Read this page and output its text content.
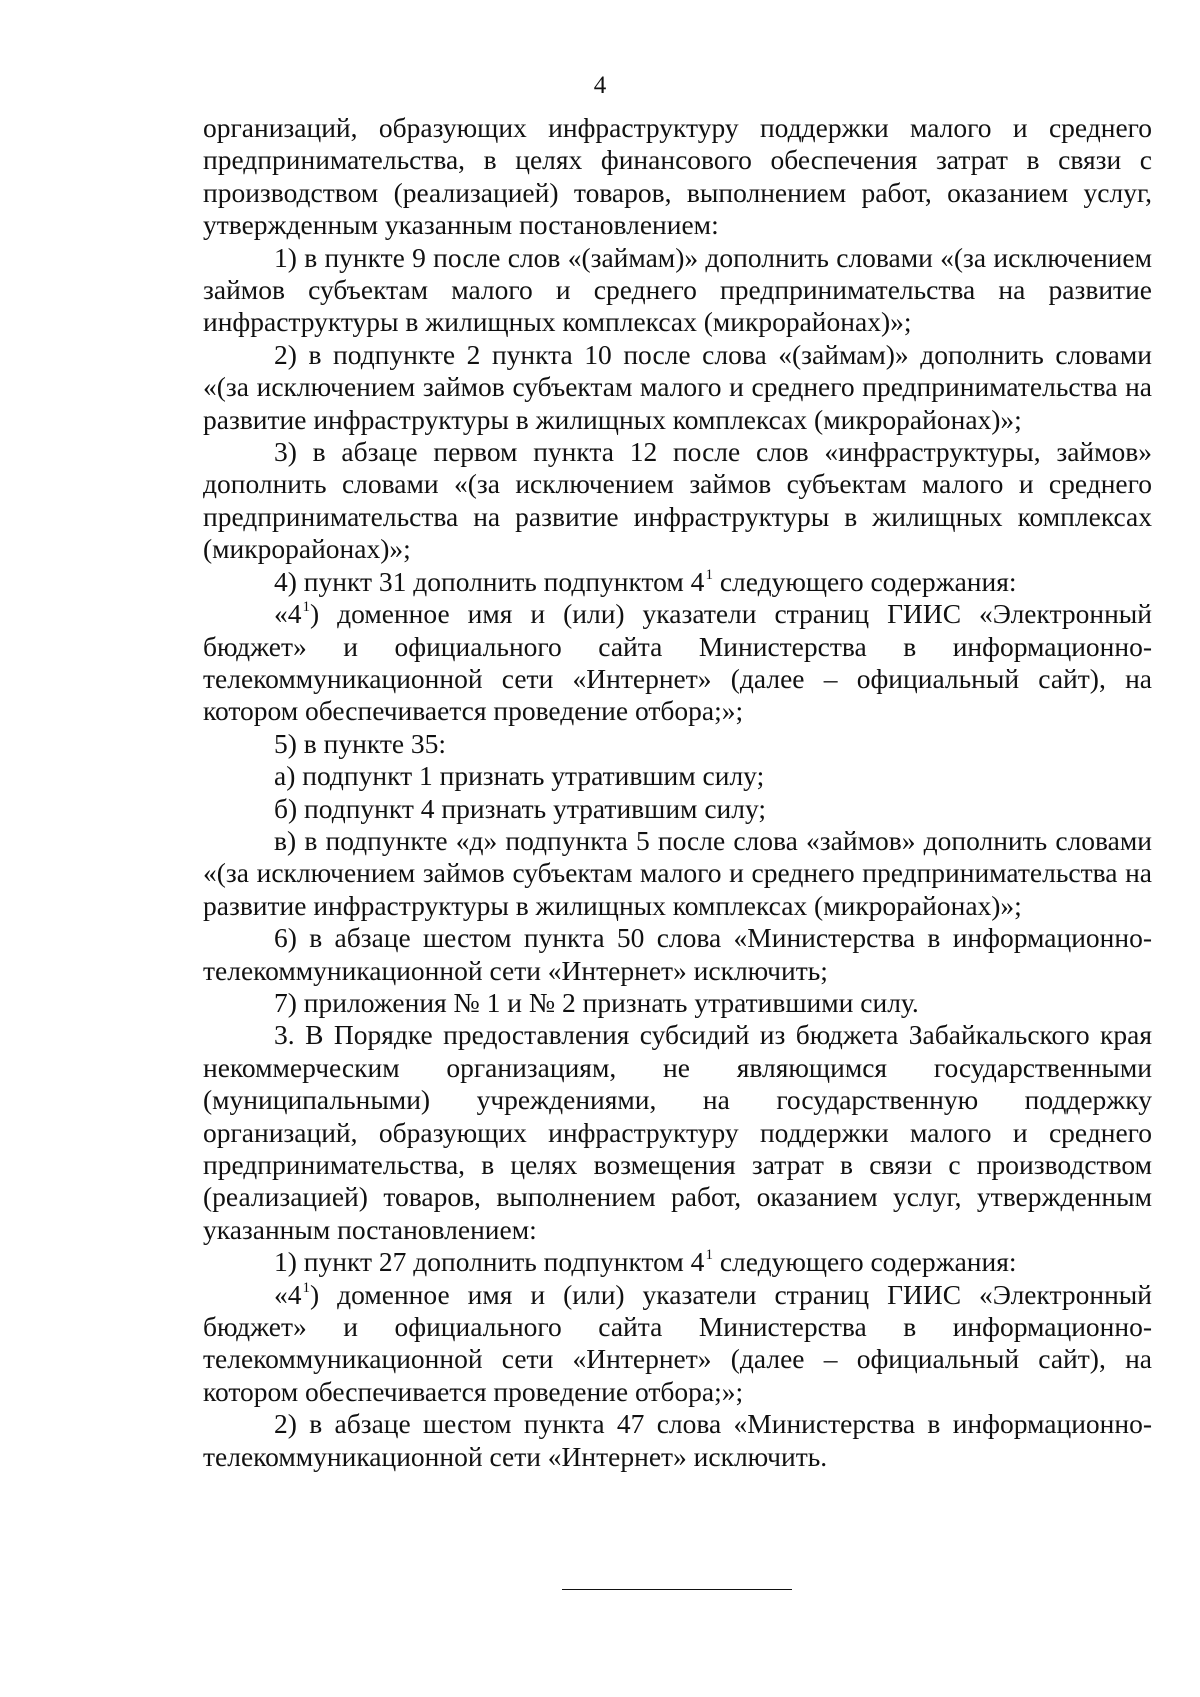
4

организаций, образующих инфраструктуру поддержки малого и среднего предпринимательства, в целях финансового обеспечения затрат в связи с производством (реализацией) товаров, выполнением работ, оказанием услуг, утвержденным указанным постановлением:

1) в пункте 9 после слов «(займам)» дополнить словами «(за исключением займов субъектам малого и среднего предпринимательства на развитие инфраструктуры в жилищных комплексах (микрорайонах)»;

2) в подпункте 2 пункта 10 после слова «(займам)» дополнить словами «(за исключением займов субъектам малого и среднего предпринимательства на развитие инфраструктуры в жилищных комплексах (микрорайонах)»;

3) в абзаце первом пункта 12 после слов «инфраструктуры, займов» дополнить словами «(за исключением займов субъектам малого и среднего предпринимательства на развитие инфраструктуры в жилищных комплексах (микрорайонах)»;

4) пункт 31 дополнить подпунктом $4^1$ следующего содержания:

«$4^1$) доменное имя и (или) указатели страниц ГИИС «Электронный бюджет» и официального сайта Министерства в информационно-телекоммуникационной сети «Интернет» (далее – официальный сайт), на котором обеспечивается проведение отбора;»;

5) в пункте 35:

а) подпункт 1 признать утратившим силу;

б) подпункт 4 признать утратившим силу;

в) в подпункте «д» подпункта 5 после слова «займов» дополнить словами «(за исключением займов субъектам малого и среднего предпринимательства на развитие инфраструктуры в жилищных комплексах (микрорайонах)»;

6) в абзаце шестом пункта 50 слова «Министерства в информационно-телекоммуникационной сети «Интернет» исключить;

7) приложения № 1 и № 2 признать утратившими силу.

3. В Порядке предоставления субсидий из бюджета Забайкальского края некоммерческим организациям, не являющимся государственными (муниципальными) учреждениями, на государственную поддержку организаций, образующих инфраструктуру поддержки малого и среднего предпринимательства, в целях возмещения затрат в связи с производством (реализацией) товаров, выполнением работ, оказанием услуг, утвержденным указанным постановлением:

1) пункт 27 дополнить подпунктом $4^1$ следующего содержания:

«$4^1$) доменное имя и (или) указатели страниц ГИИС «Электронный бюджет» и официального сайта Министерства в информационно-телекоммуникационной сети «Интернет» (далее – официальный сайт), на котором обеспечивается проведение отбора;»;

2) в абзаце шестом пункта 47 слова «Министерства в информационно-телекоммуникационной сети «Интернет» исключить.
